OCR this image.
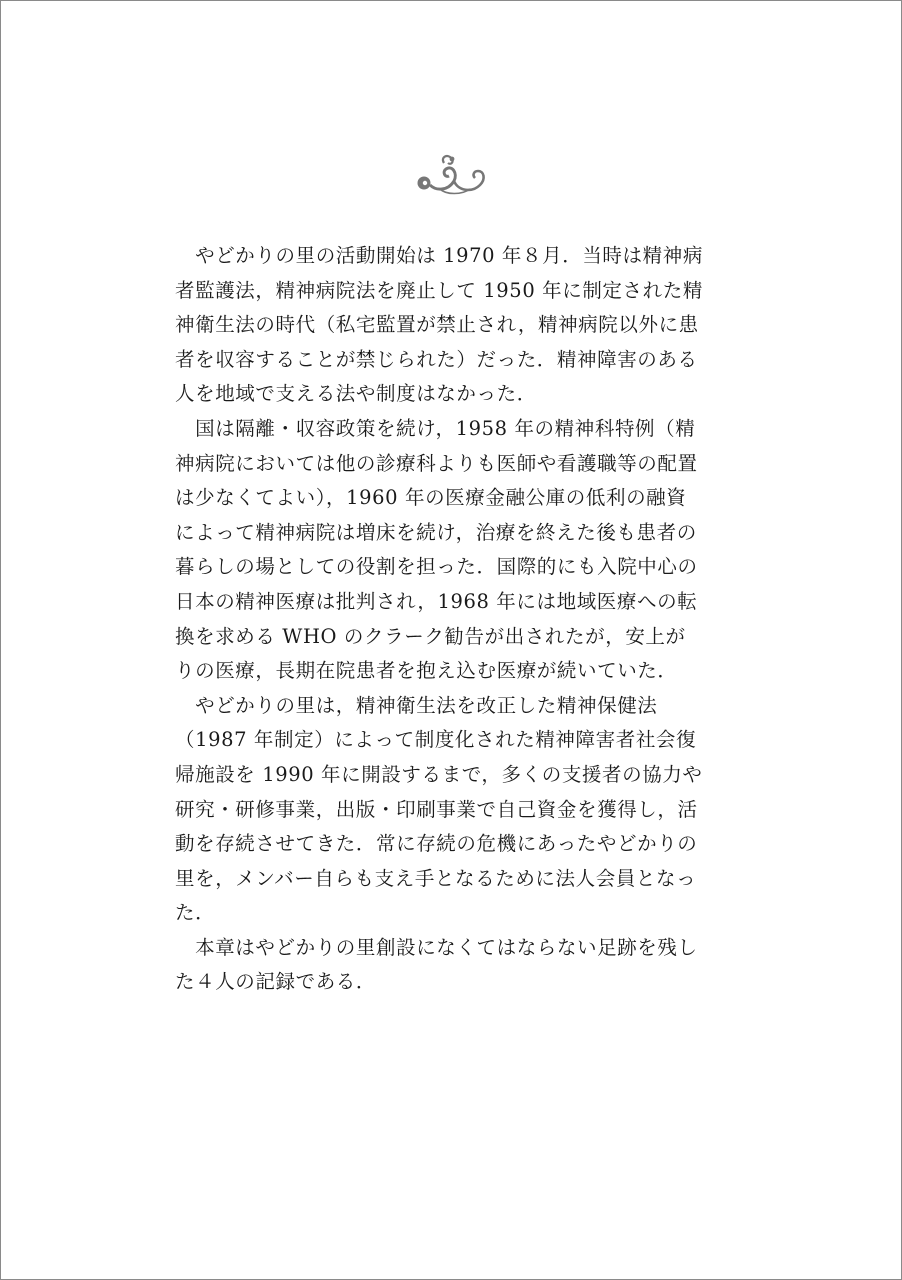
　やどかりの里の活動開始は 1970 年８月．当時は精神病
者監護法，精神病院法を廃止して 1950 年に制定された精
神衛生法の時代（私宅監置が禁止され，精神病院以外に患
者を収容することが禁じられた）だった．精神障害のある
人を地域で支える法や制度はなかった．
　国は隔離・収容政策を続け，1958 年の精神科特例（精
神病院においては他の診療科よりも医師や看護職等の配置
は少なくてよい），1960 年の医療金融公庫の低利の融資
によって精神病院は増床を続け，治療を終えた後も患者の
暮らしの場としての役割を担った．国際的にも入院中心の
日本の精神医療は批判され，1968 年には地域医療への転
換を求める WHO のクラーク勧告が出されたが，安上が
りの医療，長期在院患者を抱え込む医療が続いていた．
　やどかりの里は，精神衛生法を改正した精神保健法
（1987 年制定）によって制度化された精神障害者社会復
帰施設を 1990 年に開設するまで，多くの支援者の協力や
研究・研修事業，出版・印刷事業で自己資金を獲得し，活
動を存続させてきた．常に存続の危機にあったやどかりの
里を，メンバー自らも支え手となるために法人会員となっ
た．
　本章はやどかりの里創設になくてはならない足跡を残し
た４人の記録である．
